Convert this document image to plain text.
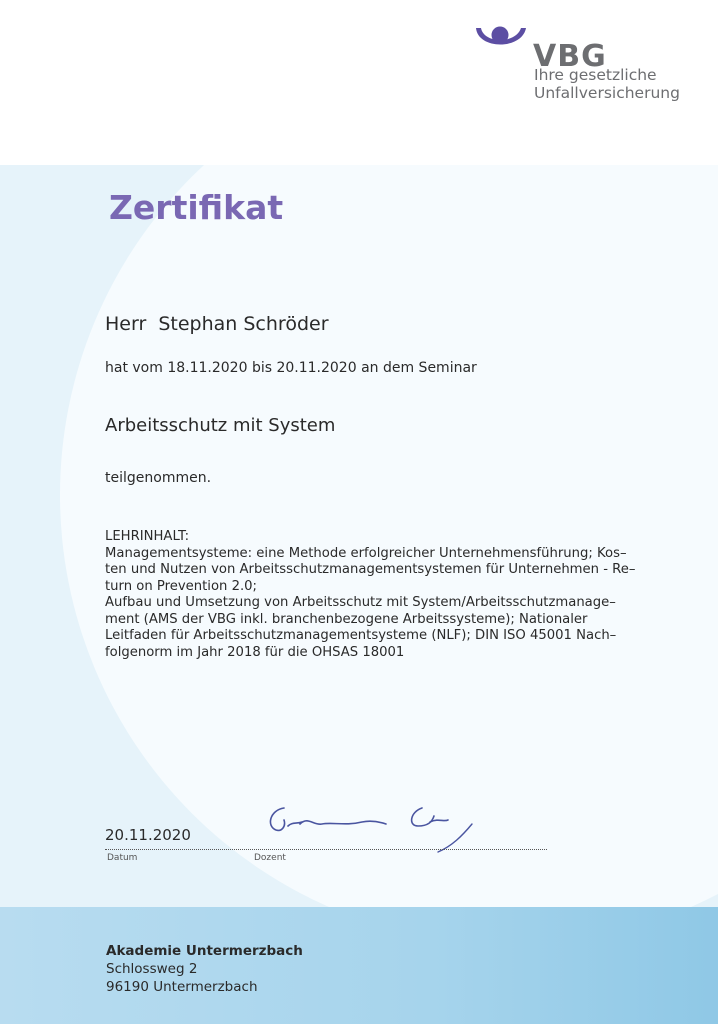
VBG
Ihre gesetzliche
Unfallversicherung
Zertifikat
Herr  Stephan Schröder
hat vom 18.11.2020 bis 20.11.2020 an dem Seminar
Arbeitsschutz mit System
teilgenommen.
LEHRINHALT:
Managementsysteme: eine Methode erfolgreicher Unternehmensführung; Kos–
ten und Nutzen von Arbeitsschutzmanagementsystemen für Unternehmen - Re–
turn on Prevention 2.0;
Aufbau und Umsetzung von Arbeitsschutz mit System/Arbeitsschutzmanage–
ment (AMS der VBG inkl. branchenbezogene Arbeitssysteme); Nationaler
Leitfaden für Arbeitsschutzmanagementsysteme (NLF); DIN ISO 45001 Nach–
folgenorm im Jahr 2018 für die OHSAS 18001
20.11.2020
Datum	Dozent
Akademie Untermerzbach
Schlossweg 2
96190 Untermerzbach
